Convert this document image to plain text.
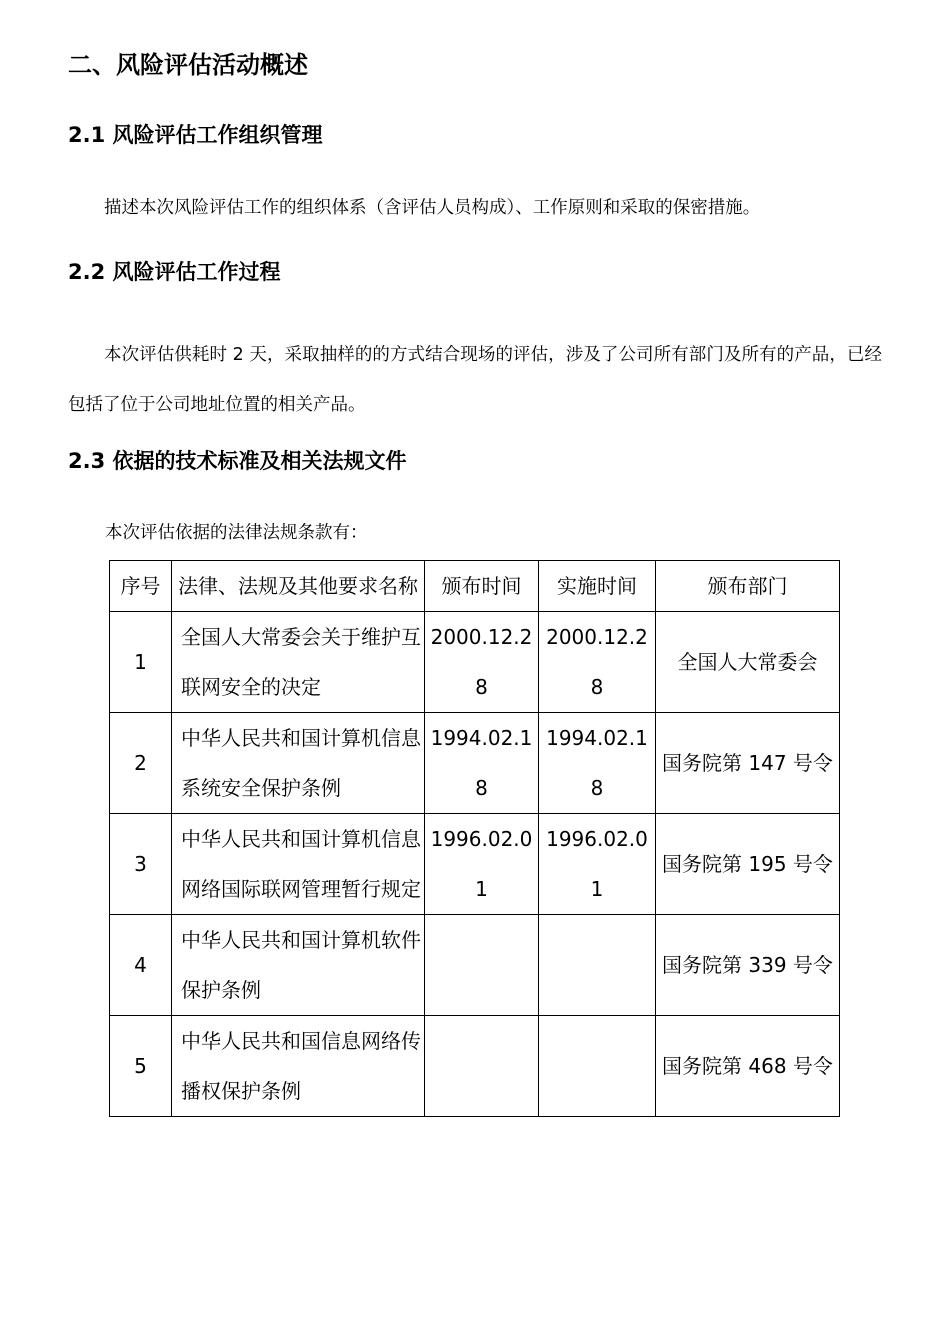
二、风险评估活动概述
2.1 风险评估工作组织管理

描述本次风险评估工作的组织体系（含评估人员构成）、工作原则和采取的保密措施。

2.2 风险评估工作过程

本次评估供耗时 2 天，采取抽样的的方式结合现场的评估，涉及了公司所有部门及所有的产品，已经包括了位于公司地址位置的相关产品。

2.3 依据的技术标准及相关法规文件

本次评估依据的法律法规条款有：

序号	法律、法规及其他要求名称	颁布时间	实施时间	颁布部门
1	全国人大常委会关于维护互联网安全的决定	2000.12.28	2000.12.28	全国人大常委会
2	中华人民共和国计算机信息系统安全保护条例	1994.02.18	1994.02.18	国务院第 147 号令
3	中华人民共和国计算机信息网络国际联网管理暂行规定	1996.02.01	1996.02.01	国务院第 195 号令
4	中华人民共和国计算机软件保护条例			国务院第 339 号令
5	中华人民共和国信息网络传播权保护条例			国务院第 468 号令
